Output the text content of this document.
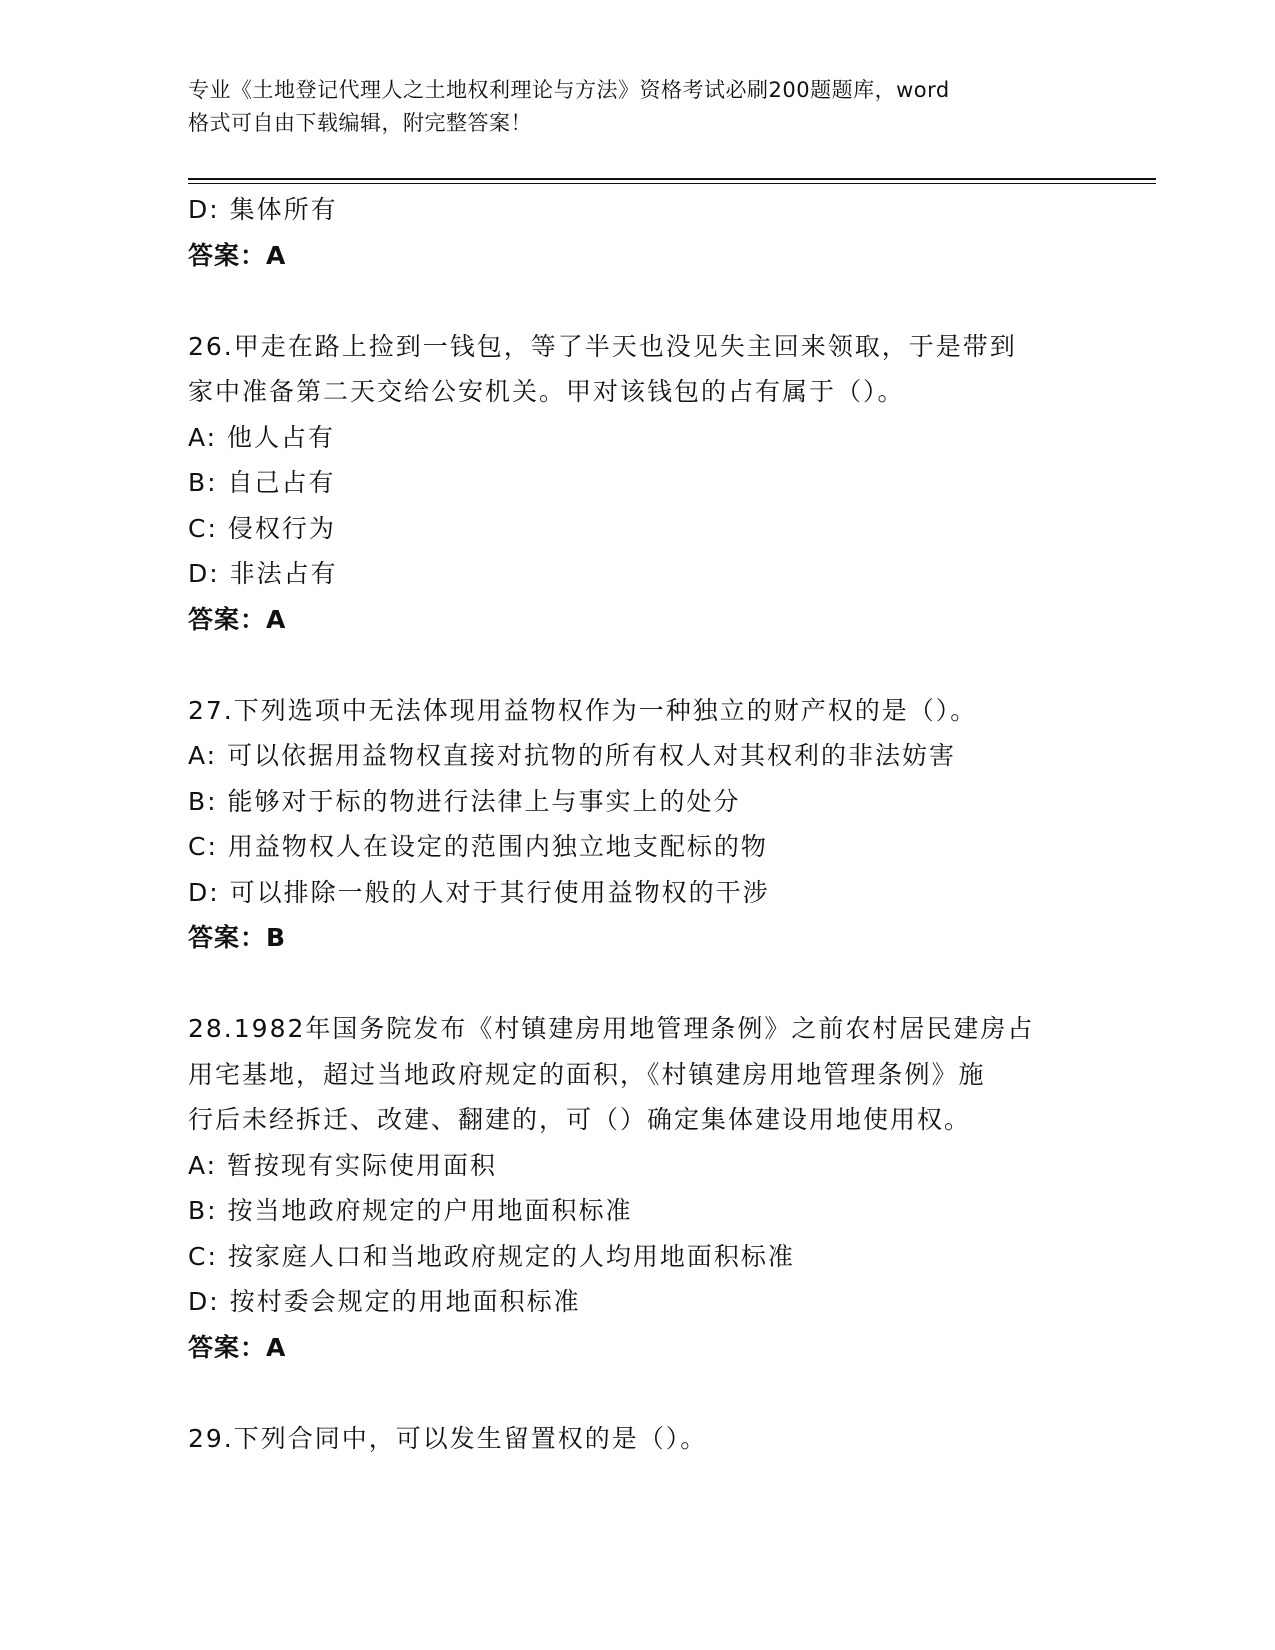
专业《土地登记代理人之土地权利理论与方法》资格考试必刷200题题库，word
格式可自由下载编辑，附完整答案！
D: 集体所有
答案：A
26.甲走在路上捡到一钱包，等了半天也没见失主回来领取，于是带到
家中准备第二天交给公安机关。甲对该钱包的占有属于（）。
A: 他人占有
B: 自己占有
C: 侵权行为
D: 非法占有
答案：A
27.下列选项中无法体现用益物权作为一种独立的财产权的是（）。
A: 可以依据用益物权直接对抗物的所有权人对其权利的非法妨害
B: 能够对于标的物进行法律上与事实上的处分
C: 用益物权人在设定的范围内独立地支配标的物
D: 可以排除一般的人对于其行使用益物权的干涉
答案：B
28.1982年国务院发布《村镇建房用地管理条例》之前农村居民建房占
用宅基地，超过当地政府规定的面积，《村镇建房用地管理条例》施
行后未经拆迁、改建、翻建的，可（）确定集体建设用地使用权。
A: 暂按现有实际使用面积
B: 按当地政府规定的户用地面积标准
C: 按家庭人口和当地政府规定的人均用地面积标准
D: 按村委会规定的用地面积标准
答案：A
29.下列合同中，可以发生留置权的是（）。
